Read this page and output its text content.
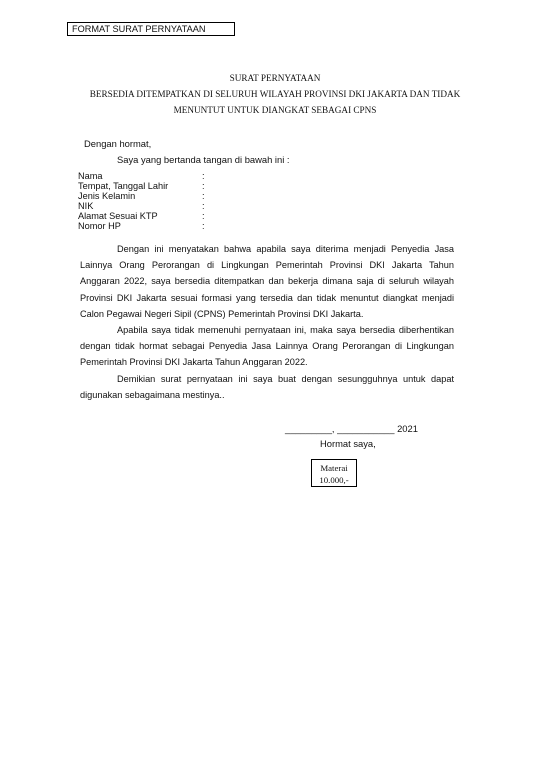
FORMAT SURAT PERNYATAAN
SURAT PERNYATAAN
BERSEDIA DITEMPATKAN DI SELURUH WILAYAH PROVINSI DKI JAKARTA DAN TIDAK
MENUNTUT UNTUK DIANGKAT SEBAGAI CPNS
Dengan hormat,
Saya yang bertanda tangan di bawah ini :
Nama	:
Tempat, Tanggal Lahir	:
Jenis Kelamin	:
NIK	:
Alamat Sesuai KTP	:
Nomor HP	:
Dengan ini menyatakan bahwa apabila saya diterima menjadi Penyedia Jasa Lainnya Orang Perorangan di Lingkungan Pemerintah Provinsi DKI Jakarta Tahun Anggaran 2022, saya bersedia ditempatkan dan bekerja dimana saja di seluruh wilayah Provinsi DKI Jakarta sesuai formasi yang tersedia dan tidak menuntut diangkat menjadi Calon Pegawai Negeri Sipil (CPNS) Pemerintah Provinsi DKI Jakarta.
Apabila saya tidak memenuhi pernyataan ini, maka saya bersedia diberhentikan dengan tidak hormat sebagai Penyedia Jasa Lainnya Orang Perorangan di Lingkungan Pemerintah Provinsi DKI Jakarta Tahun Anggaran 2022.
Demikian surat pernyataan ini saya buat dengan sesungguhnya untuk dapat digunakan sebagaimana mestinya..
_________, ___________ 2021
Hormat saya,
Materai
10.000,-
